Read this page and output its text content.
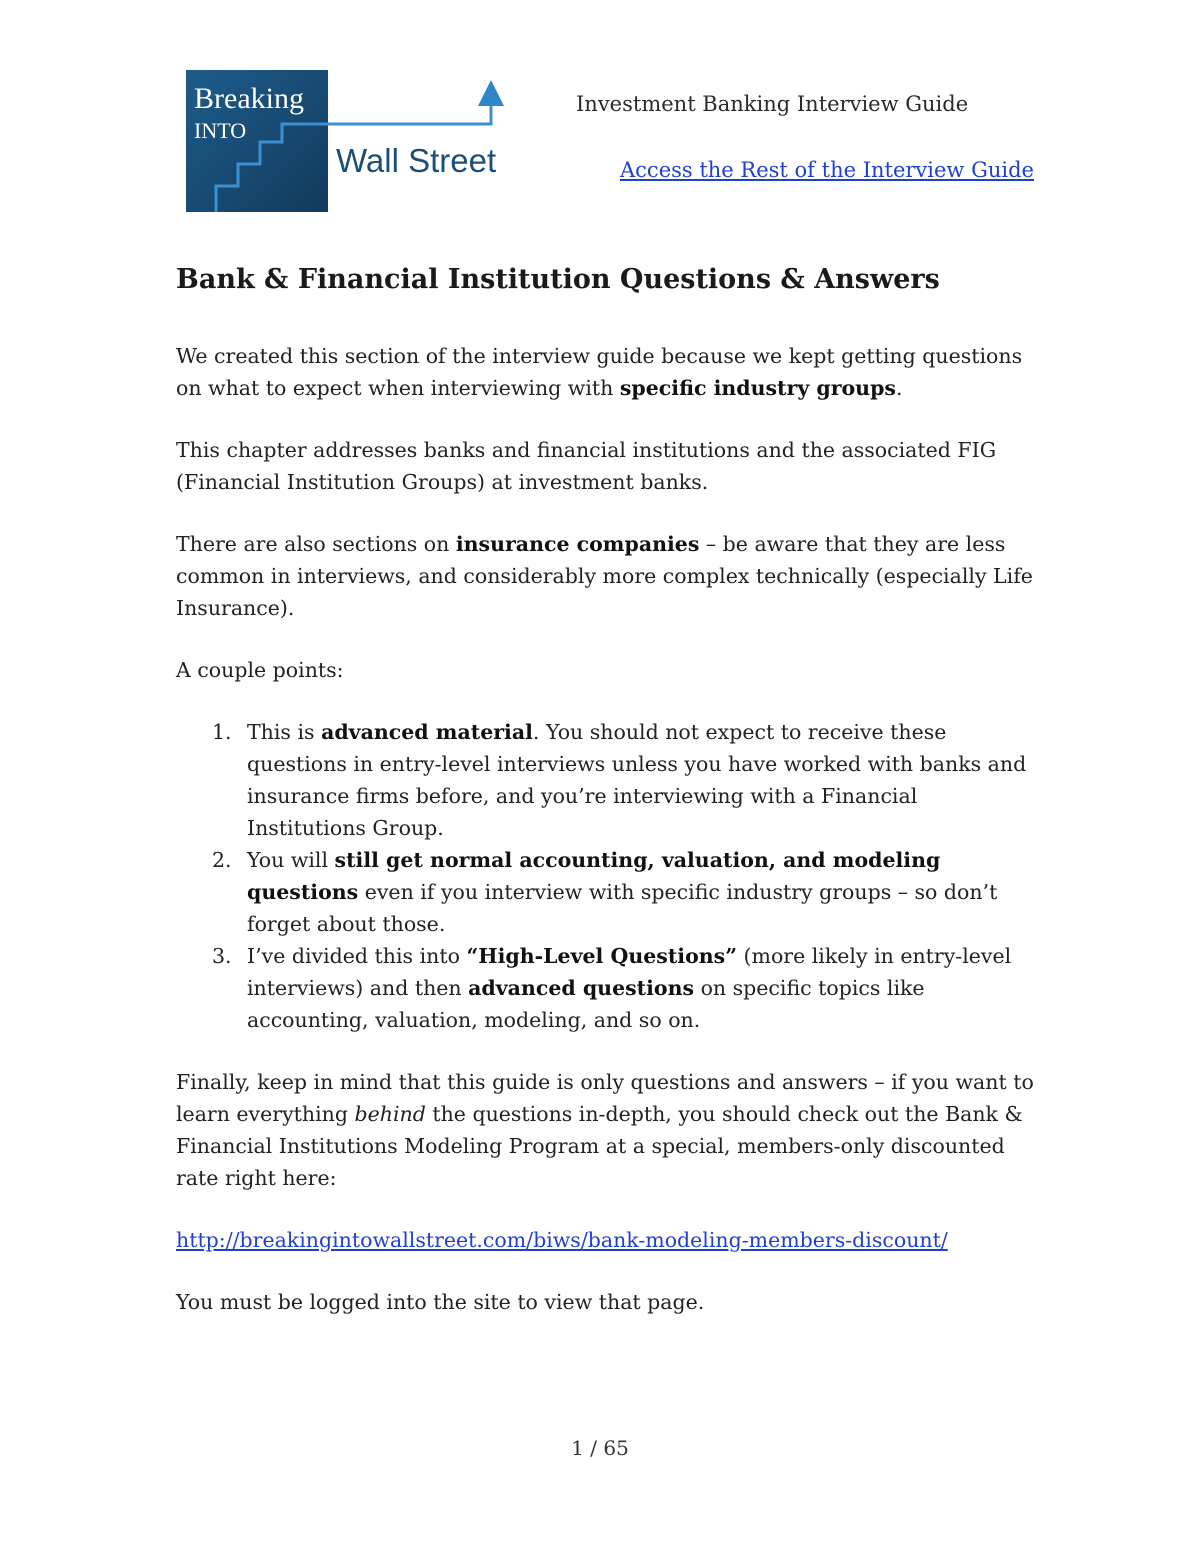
Breaking
INTO
Wall Street
Investment Banking Interview Guide
Access the Rest of the Interview Guide
Bank & Financial Institution Questions & Answers

We created this section of the interview guide because we kept getting questions on what to expect when interviewing with specific industry groups.

This chapter addresses banks and financial institutions and the associated FIG (Financial Institution Groups) at investment banks.

There are also sections on insurance companies – be aware that they are less common in interviews, and considerably more complex technically (especially Life Insurance).

A couple points:

1. This is advanced material. You should not expect to receive these questions in entry-level interviews unless you have worked with banks and insurance firms before, and you’re interviewing with a Financial Institutions Group.
2. You will still get normal accounting, valuation, and modeling questions even if you interview with specific industry groups – so don’t forget about those.
3. I’ve divided this into “High-Level Questions” (more likely in entry-level interviews) and then advanced questions on specific topics like accounting, valuation, modeling, and so on.

Finally, keep in mind that this guide is only questions and answers – if you want to learn everything behind the questions in-depth, you should check out the Bank & Financial Institutions Modeling Program at a special, members-only discounted rate right here:

http://breakingintowallstreet.com/biws/bank-modeling-members-discount/

You must be logged into the site to view that page.

1 / 65
